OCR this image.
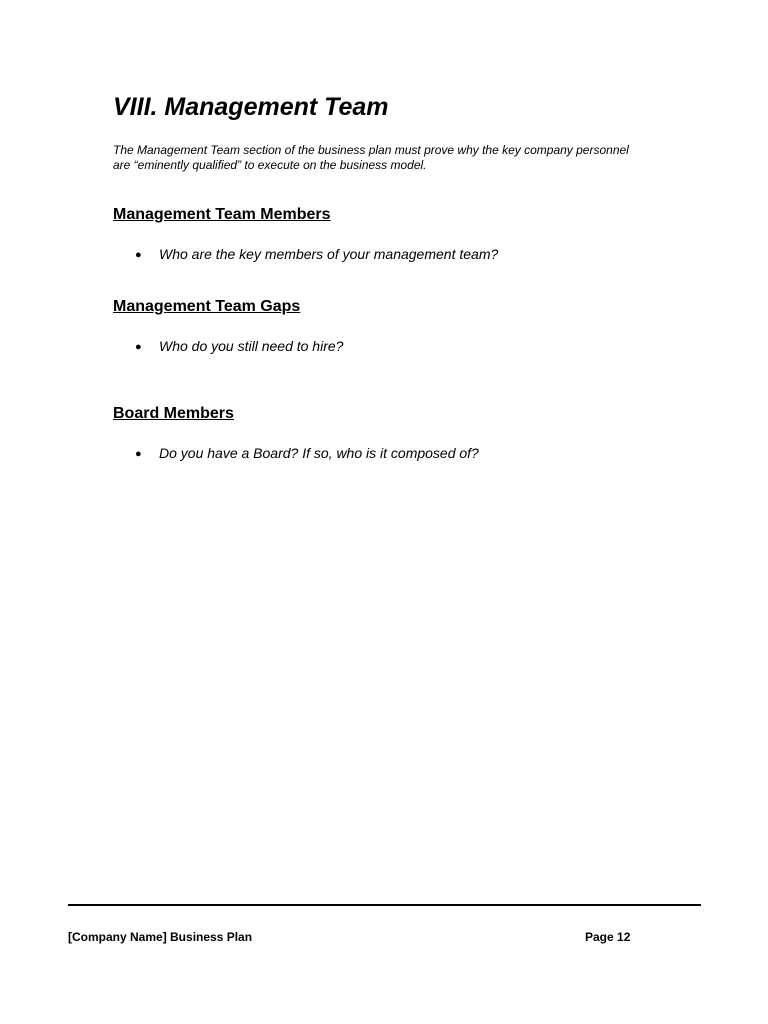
VIII. Management Team

The Management Team section of the business plan must prove why the key company personnel
are “eminently qualified” to execute on the business model.

Management Team Members

● Who are the key members of your management team?

Management Team Gaps

● Who do you still need to hire?

Board Members

● Do you have a Board? If so, who is it composed of?

[Company Name] Business Plan	Page 12
